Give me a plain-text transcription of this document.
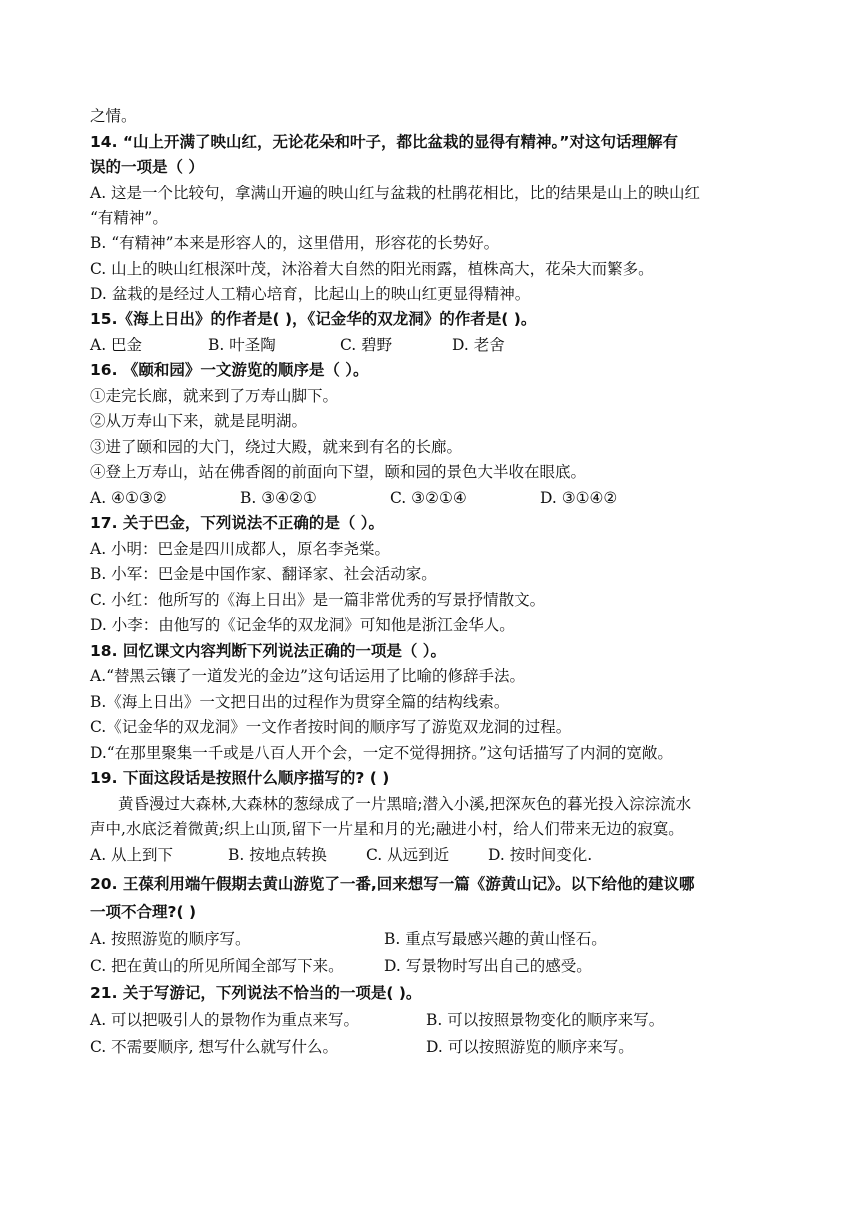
之情。
14. “山上开满了映山红，无论花朵和叶子，都比盆栽的显得有精神。”对这句话理解有
误的一项是（ ）
A. 这是一个比较句，拿满山开遍的映山红与盆栽的杜鹃花相比，比的结果是山上的映山红
“有精神”。
B. “有精神”本来是形容人的，这里借用，形容花的长势好。
C. 山上的映山红根深叶茂，沐浴着大自然的阳光雨露，植株高大，花朵大而繁多。
D. 盆栽的是经过人工精心培育，比起山上的映山红更显得精神。
15.《海上日出》的作者是( )，《记金华的双龙洞》的作者是( )。
A. 巴金	B. 叶圣陶	C. 碧野	D. 老舍
16. 《颐和园》一文游览的顺序是（ ）。
①走完长廊，就来到了万寿山脚下。
②从万寿山下来，就是昆明湖。
③进了颐和园的大门，绕过大殿，就来到有名的长廊。
④登上万寿山，站在佛香阁的前面向下望，颐和园的景色大半收在眼底。
A. ④①③②	B. ③④②①	C. ③②①④	D. ③①④②
17. 关于巴金，下列说法不正确的是（ ）。
A. 小明：巴金是四川成都人，原名李尧棠。
B. 小军：巴金是中国作家、翻译家、社会活动家。
C. 小红：他所写的《海上日出》是一篇非常优秀的写景抒情散文。
D. 小李：由他写的《记金华的双龙洞》可知他是浙江金华人。
18. 回忆课文内容判断下列说法正确的一项是（ ）。
A.“替黑云镶了一道发光的金边”这句话运用了比喻的修辞手法。
B.《海上日出》一文把日出的过程作为贯穿全篇的结构线索。
C.《记金华的双龙洞》一文作者按时间的顺序写了游览双龙洞的过程。
D.“在那里聚集一千或是八百人开个会，一定不觉得拥挤。”这句话描写了内洞的宽敞。
19. 下面这段话是按照什么顺序描写的? ( )
黄昏漫过大森林,大森林的葱绿成了一片黑暗;潜入小溪,把深灰色的暮光投入淙淙流水
声中,水底泛着微黄;织上山顶,留下一片星和月的光;融进小村，给人们带来无边的寂寞。
A. 从上到下	B. 按地点转换	C. 从远到近	D. 按时间变化.
20. 王葆利用端午假期去黄山游览了一番,回来想写一篇《游黄山记》。以下给他的建议哪
一项不合理?( )
A. 按照游览的顺序写。	B. 重点写最感兴趣的黄山怪石。
C. 把在黄山的所见所闻全部写下来。	D. 写景物时写出自己的感受。
21. 关于写游记，下列说法不恰当的一项是( )。
A. 可以把吸引人的景物作为重点来写。	B. 可以按照景物变化的顺序来写。
C. 不需要顺序, 想写什么就写什么。	D. 可以按照游览的顺序来写。
